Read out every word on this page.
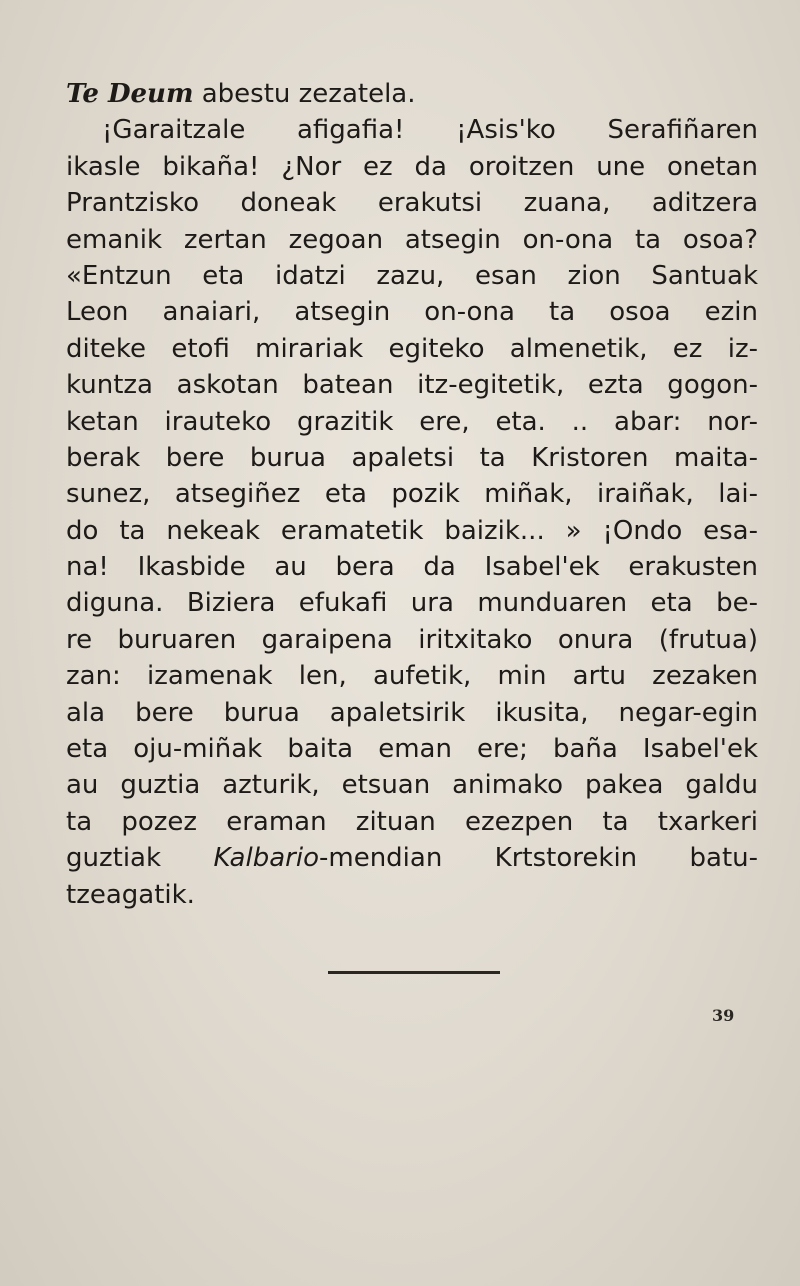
Te Deum abestu zezatela.
¡Garaitzale afigafia! ¡Asis'ko Serafiñaren
ikasle bikaña! ¿Nor ez da oroitzen une onetan
Prantzisko doneak erakutsi zuana, aditzera
emanik zertan zegoan atsegin on-ona ta osoa?
«Entzun eta idatzi zazu, esan zion Santuak
Leon anaiari, atsegin on-ona ta osoa ezin
diteke etofi mirariak egiteko almenetik, ez iz-
kuntza askotan batean itz-egitetik, ezta gogon-
ketan irauteko grazitik ere, eta. .. abar: nor-
berak bere burua apaletsi ta Kristoren maita-
sunez, atsegiñez eta pozik miñak, iraiñak, lai-
do ta nekeak eramatetik baizik... » ¡Ondo esa-
na! Ikasbide au bera da Isabel'ek erakusten
diguna. Biziera efukafi ura munduaren eta be-
re buruaren garaipena iritxitako onura (frutua)
zan: izamenak len, aufetik, min artu zezaken
ala bere burua apaletsirik ikusita, negar-egin
eta oju-miñak baita eman ere; baña Isabel'ek
au guztia azturik, etsuan animako pakea galdu
ta pozez eraman zituan ezezpen ta txarkeri
guztiak Kalbario-mendian Krtstorekin batu-
tzeagatik.
39
